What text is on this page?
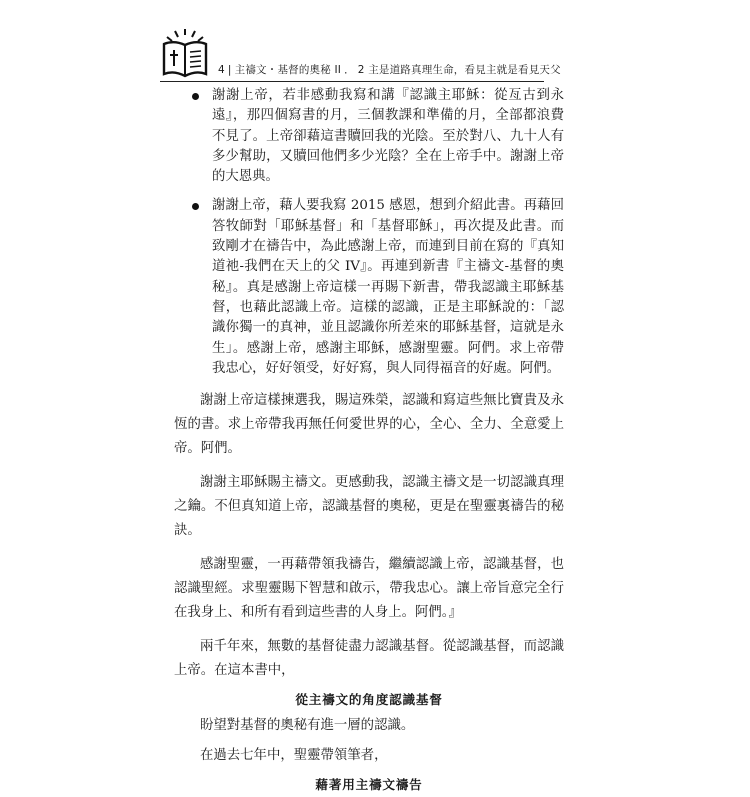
4 | 主禱文・基督的奧秘 II ． 2 主是道路真理生命，看見主就是看見天父
謝謝上帝，若非感動我寫和講『認識主耶穌：從亙古到永遠』，那四個寫書的月，三個教課和準備的月，全部都浪費不見了。上帝卻藉這書贖回我的光陰。至於對八、九十人有多少幫助，又贖回他們多少光陰？全在上帝手中。謝謝上帝的大恩典。
謝謝上帝，藉人要我寫 2015 感恩，想到介紹此書。再藉回答牧師對「耶穌基督」和「基督耶穌」，再次提及此書。而致剛才在禱告中，為此感謝上帝，而連到目前在寫的『真知道祂-我們在天上的父 IV』。再連到新書『主禱文-基督的奧秘』。真是感謝上帝這樣一再賜下新書，帶我認識主耶穌基督，也藉此認識上帝。這樣的認識，正是主耶穌說的：「認識你獨一的真神，並且認識你所差來的耶穌基督，這就是永生」。感謝上帝，感謝主耶穌，感謝聖靈。阿們。求上帝帶我忠心，好好領受，好好寫，與人同得福音的好處。阿們。

謝謝上帝這樣揀選我，賜這殊榮，認識和寫這些無比寶貴及永恆的書。求上帝帶我再無任何愛世界的心，全心、全力、全意愛上帝。阿們。

謝謝主耶穌賜主禱文。更感動我，認識主禱文是一切認識真理之鑰。不但真知道上帝，認識基督的奧秘，更是在聖靈裏禱告的秘訣。

感謝聖靈，一再藉帶領我禱告，繼續認識上帝，認識基督，也認識聖經。求聖靈賜下智慧和啟示，帶我忠心。讓上帝旨意完全行在我身上、和所有看到這些書的人身上。阿們。』

兩千年來，無數的基督徒盡力認識基督。從認識基督，而認識上帝。在這本書中，

從主禱文的角度認識基督

盼望對基督的奧秘有進一層的認識。

在過去七年中，聖靈帶領筆者，

藉著用主禱文禱告
